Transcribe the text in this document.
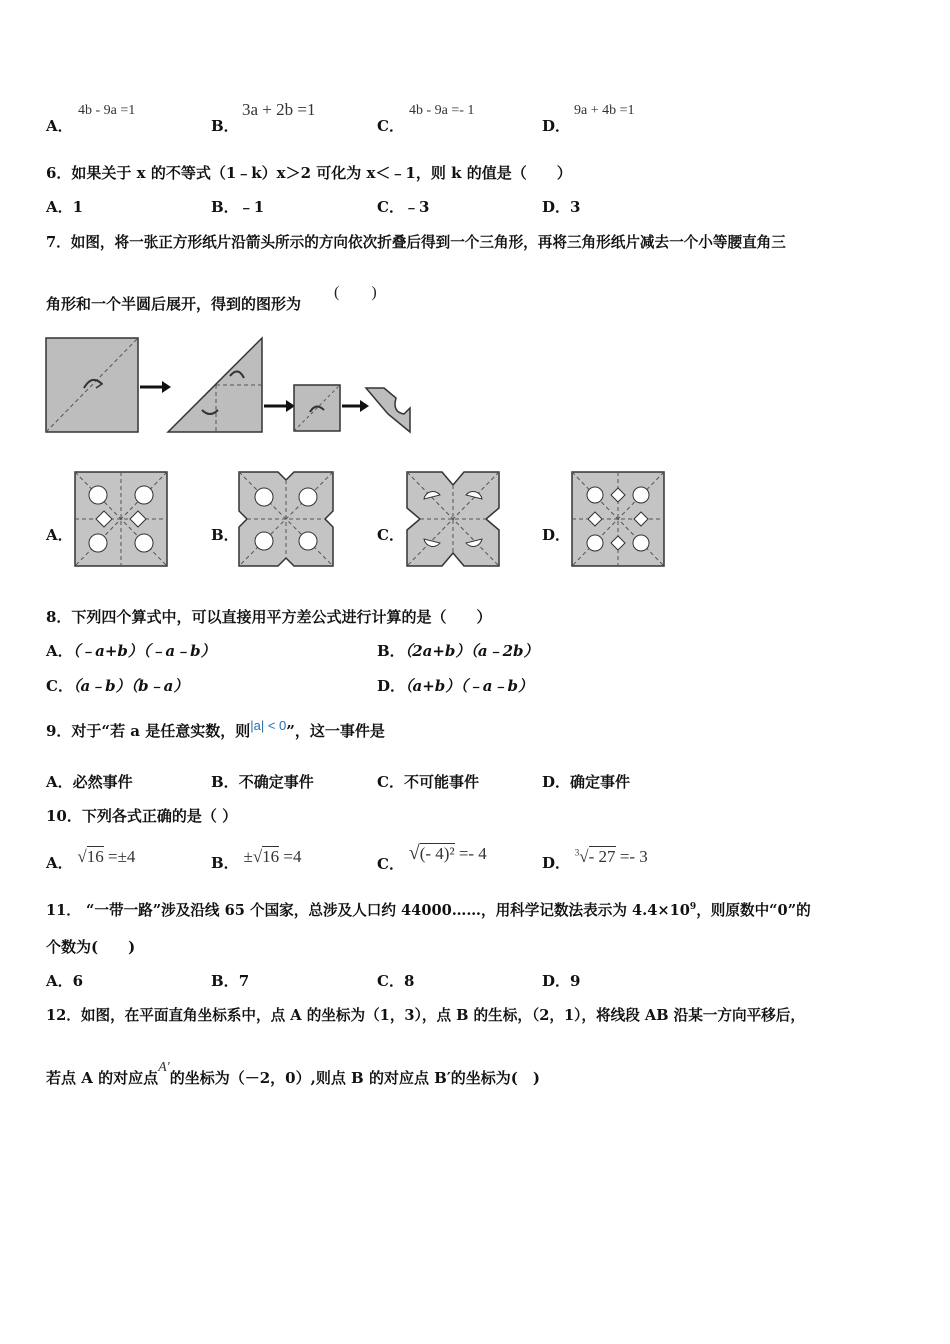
A．
4b - 9a =1
B．
3a + 2b =1
C．
4b - 9a =- 1
D．
9a + 4b =1
6．如果关于 x 的不等式（1﹣k）x＞2 可化为 x＜﹣1，则 k 的值是（　　）
A．1	B．﹣1	C．﹣3	D．3
7．如图，将一张正方形纸片沿箭头所示的方向依次折叠后得到一个三角形，再将三角形纸片减去一个小等腰直角三
角形和一个半圆后展开，得到的图形为
(　　)
A．	B．	C．	D．
8．下列四个算式中，可以直接用平方差公式进行计算的是（　　）
A．（﹣a+b）（﹣a﹣b）	B．（2a+b）（a﹣2b）
C．（a﹣b）（b﹣a）	D．（a+b）（﹣a﹣b）
9．对于“若 a 是任意实数，则|a| < 0”，这一事件是
A．必然事件	B．不确定事件	C．不可能事件	D．确定事件
10．下列各式正确的是（ ）
A． √16 =±4	B． ±√16 =4	C． √(- 4)² =- 4	D． $^3$√- 27 =- 3
11． “一带一路”涉及沿线 65 个国家，总涉及人口约 44000……，用科学记数法表示为 $4.4\times 10^9$，则原数中“0”的
个数为(　　)
A．6	B．7	C．8	D．9
12．如图，在平面直角坐标系中，点 A 的坐标为（1，3），点 B 的生标，（2，1），将线段 AB 沿某一方向平移后，
若点 A 的对应点A′的坐标为（－2，0）,则点 B 的对应点 B′的坐标为(　)
